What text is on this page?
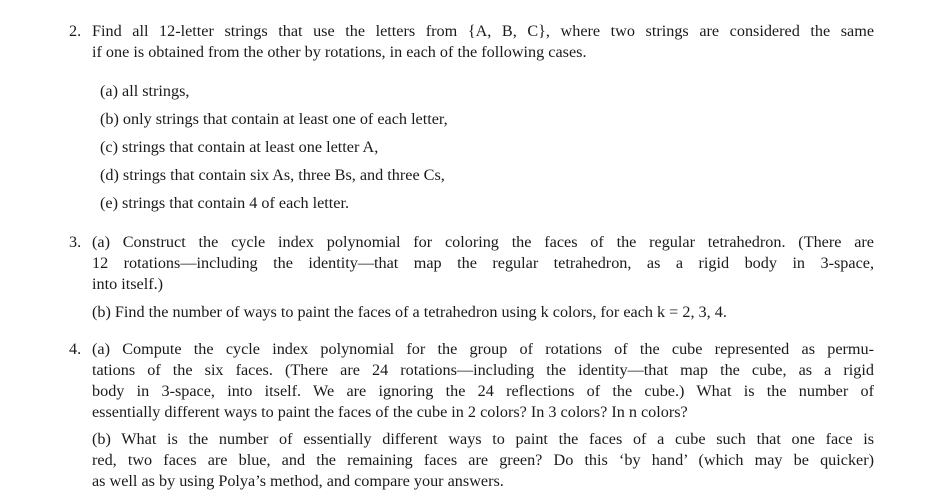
2. Find all 12-letter strings that use the letters from {A, B, C}, where two strings are considered the same
if one is obtained from the other by rotations, in each of the following cases.
(a) all strings,
(b) only strings that contain at least one of each letter,
(c) strings that contain at least one letter A,
(d) strings that contain six As, three Bs, and three Cs,
(e) strings that contain 4 of each letter.
3. (a) Construct the cycle index polynomial for coloring the faces of the regular tetrahedron. (There are
12 rotations—including the identity—that map the regular tetrahedron, as a rigid body in 3-space,
into itself.)
(b) Find the number of ways to paint the faces of a tetrahedron using k colors, for each k = 2, 3, 4.
4. (a) Compute the cycle index polynomial for the group of rotations of the cube represented as permu-
tations of the six faces. (There are 24 rotations—including the identity—that map the cube, as a rigid
body in 3-space, into itself. We are ignoring the 24 reflections of the cube.) What is the number of
essentially different ways to paint the faces of the cube in 2 colors? In 3 colors? In n colors?
(b) What is the number of essentially different ways to paint the faces of a cube such that one face is
red, two faces are blue, and the remaining faces are green? Do this ‘by hand’ (which may be quicker)
as well as by using Polya’s method, and compare your answers.
